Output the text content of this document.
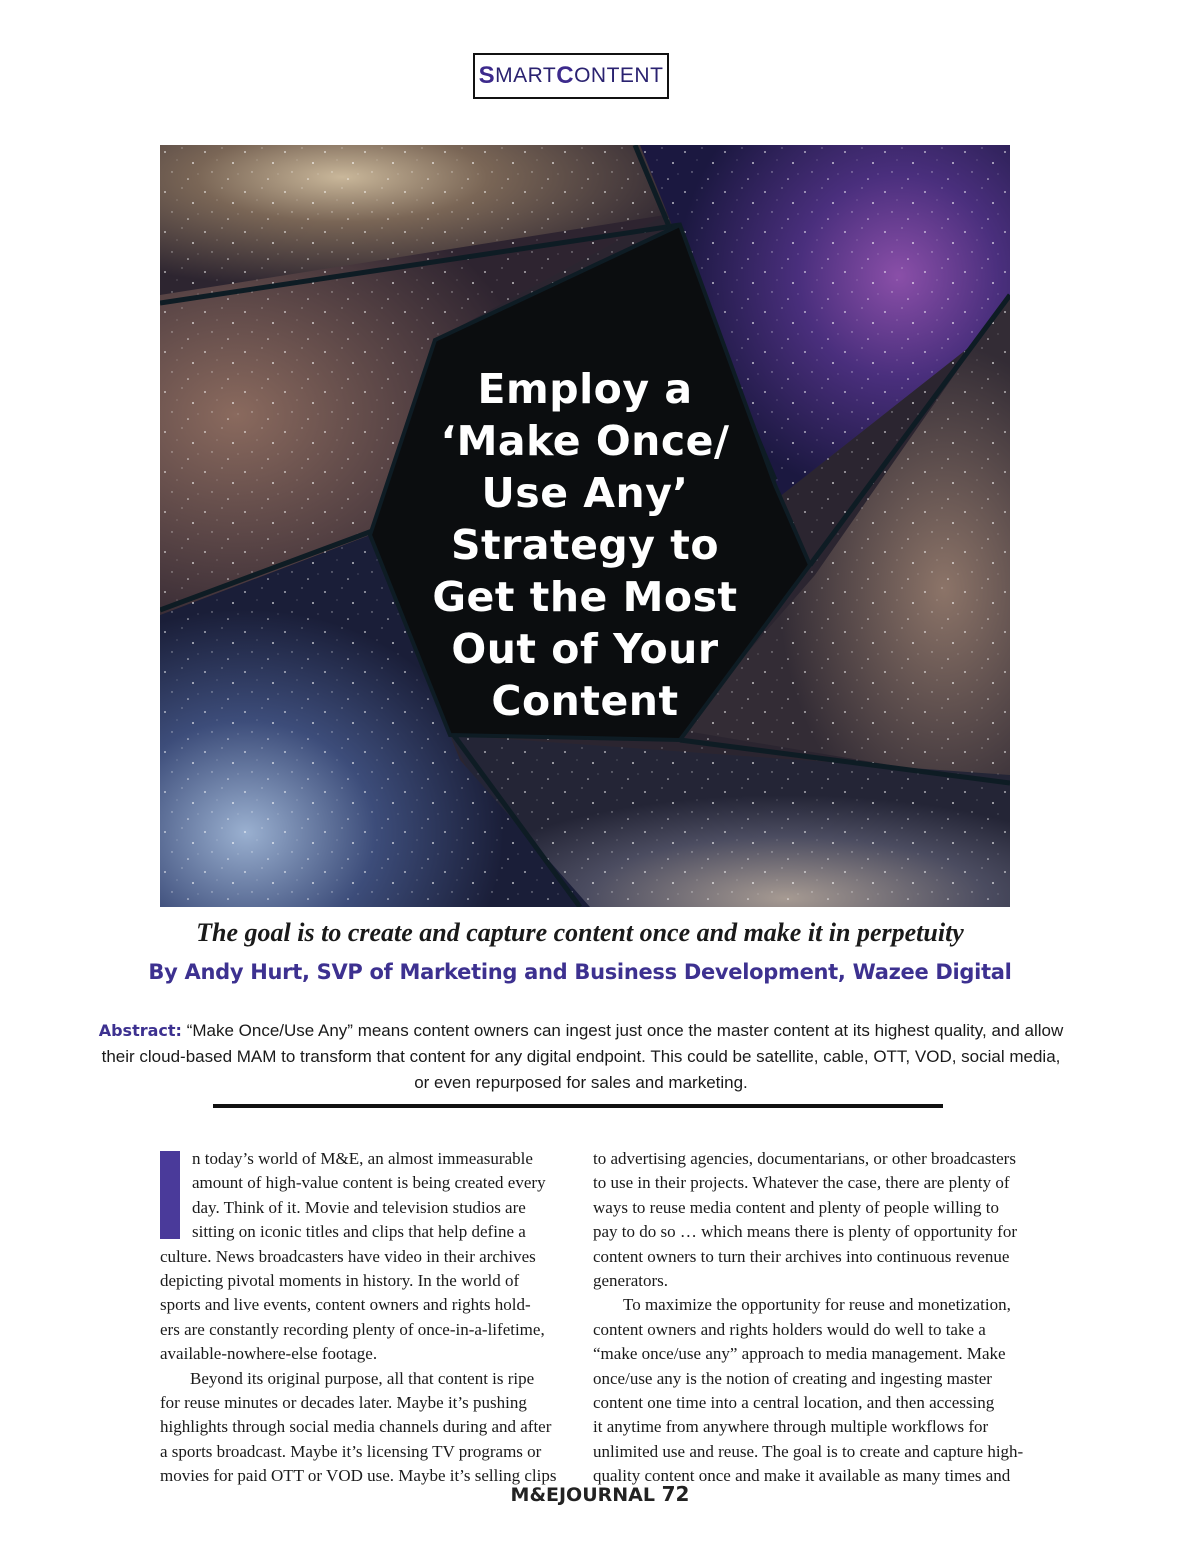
S MART C ONTENT
Employ a
‘Make Once/
Use Any’
Strategy to
Get the Most
Out of Your
Content
The goal is to create and capture content once and make it in perpetuity
By Andy Hurt, SVP of Marketing and Business Development, Wazee Digital
Abstract: “Make Once/Use Any” means content owners can ingest just once the master content at its highest quality, and allow their cloud-based MAM to transform that content for any digital endpoint. This could be satellite, cable, OTT, VOD, social media, or even repurposed for sales and marketing.
n today’s world of M&E, an almost immeasurable
amount of high-value content is being created every
day. Think of it. Movie and television studios are
sitting on iconic titles and clips that help define a
culture. News broadcasters have video in their archives
depicting pivotal moments in history. In the world of
sports and live events, content owners and rights hold-
ers are constantly recording plenty of once-in-a-lifetime,
available-nowhere-else footage.
Beyond its original purpose, all that content is ripe
for reuse minutes or decades later. Maybe it’s pushing
highlights through social media channels during and after
a sports broadcast. Maybe it’s licensing TV programs or
movies for paid OTT or VOD use. Maybe it’s selling clips
to advertising agencies, documentarians, or other broadcasters
to use in their projects. Whatever the case, there are plenty of
ways to reuse media content and plenty of people willing to
pay to do so … which means there is plenty of opportunity for
content owners to turn their archives into continuous revenue
generators.
To maximize the opportunity for reuse and monetization,
content owners and rights holders would do well to take a
“make once/use any” approach to media management. Make
once/use any is the notion of creating and ingesting master
content one time into a central location, and then accessing
it anytime from anywhere through multiple workflows for
unlimited use and reuse. The goal is to create and capture high-
quality content once and make it available as many times and
M&EJOURNAL 72
